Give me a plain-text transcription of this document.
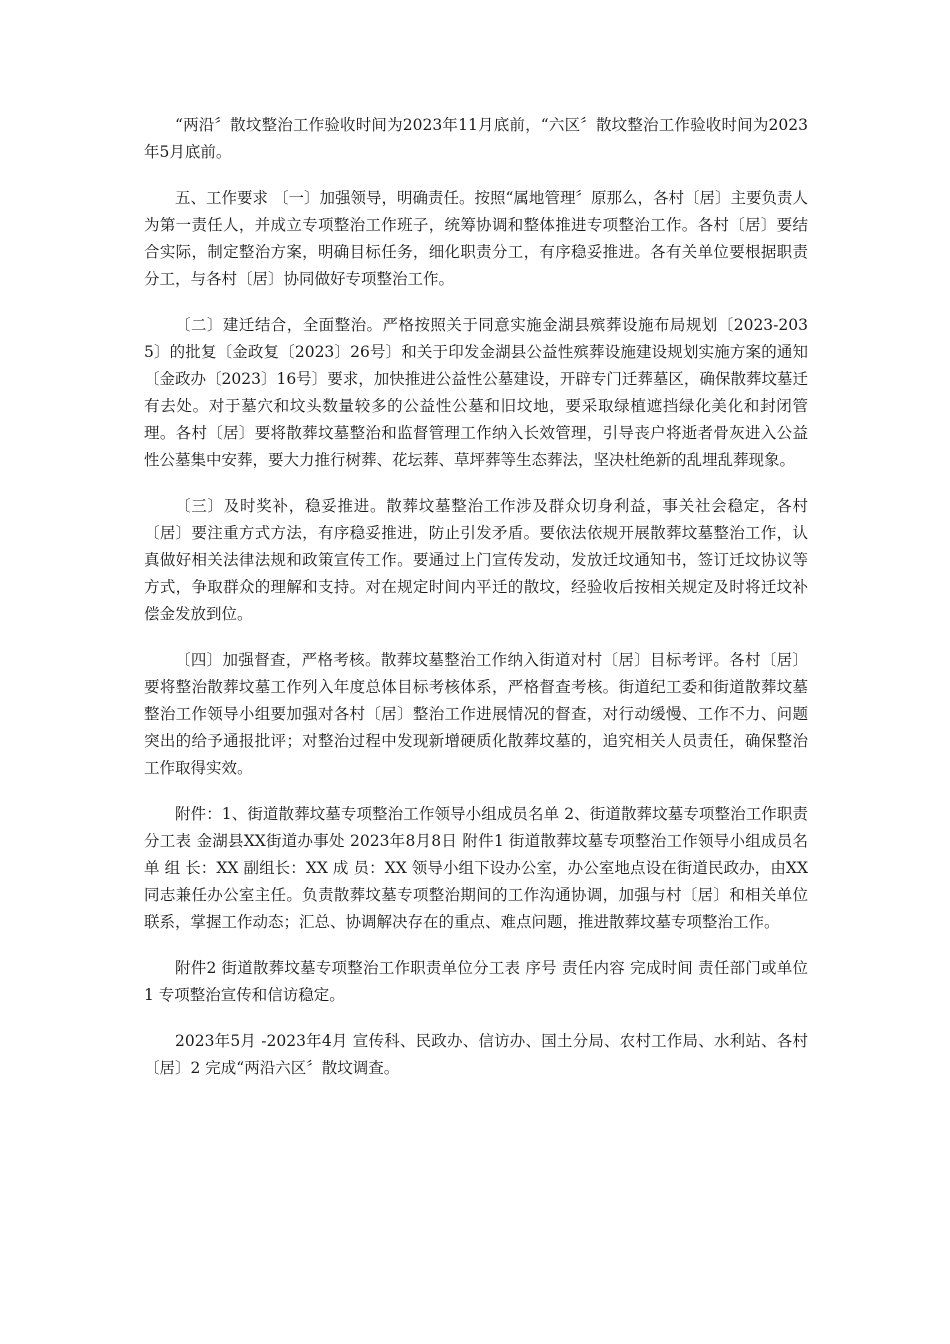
“两沿〞散坟整治工作验收时间为2023年11月底前，“六区〞散坟整治工作验收时间为2023年5月底前。

五、工作要求 〔一〕加强领导，明确责任。按照“属地管理〞原那么，各村〔居〕主要负责人为第一责任人，并成立专项整治工作班子，统筹协调和整体推进专项整治工作。各村〔居〕要结合实际，制定整治方案，明确目标任务，细化职责分工，有序稳妥推进。各有关单位要根据职责分工，与各村〔居〕协同做好专项整治工作。

〔二〕建迁结合，全面整治。严格按照关于同意实施金湖县殡葬设施布局规划〔2023-2035〕的批复〔金政复〔2023〕26号〕和关于印发金湖县公益性殡葬设施建设规划实施方案的通知〔金政办〔2023〕16号〕要求，加快推进公益性公墓建设，开辟专门迁葬墓区，确保散葬坟墓迁有去处。对于墓穴和坟头数量较多的公益性公墓和旧坟地，要采取绿植遮挡绿化美化和封闭管理。各村〔居〕要将散葬坟墓整治和监督管理工作纳入长效管理，引导丧户将逝者骨灰进入公益性公墓集中安葬，要大力推行树葬、花坛葬、草坪葬等生态葬法，坚决杜绝新的乱埋乱葬现象。

〔三〕及时奖补，稳妥推进。散葬坟墓整治工作涉及群众切身利益，事关社会稳定，各村〔居〕要注重方式方法，有序稳妥推进，防止引发矛盾。要依法依规开展散葬坟墓整治工作，认真做好相关法律法规和政策宣传工作。要通过上门宣传发动，发放迁坟通知书，签订迁坟协议等方式，争取群众的理解和支持。对在规定时间内平迁的散坟，经验收后按相关规定及时将迁坟补偿金发放到位。

〔四〕加强督查，严格考核。散葬坟墓整治工作纳入街道对村〔居〕目标考评。各村〔居〕要将整治散葬坟墓工作列入年度总体目标考核体系，严格督查考核。街道纪工委和街道散葬坟墓整治工作领导小组要加强对各村〔居〕整治工作进展情况的督查，对行动缓慢、工作不力、问题突出的给予通报批评；对整治过程中发现新增硬质化散葬坟墓的，追究相关人员责任，确保整治工作取得实效。

附件：1、街道散葬坟墓专项整治工作领导小组成员名单 2、街道散葬坟墓专项整治工作职责分工表 金湖县XX街道办事处 2023年8月8日 附件1 街道散葬坟墓专项整治工作领导小组成员名单 组 长：XX 副组长：XX 成 员：XX 领导小组下设办公室，办公室地点设在街道民政办，由XX同志兼任办公室主任。负责散葬坟墓专项整治期间的工作沟通协调，加强与村〔居〕和相关单位联系，掌握工作动态；汇总、协调解决存在的重点、难点问题，推进散葬坟墓专项整治工作。

附件2 街道散葬坟墓专项整治工作职责单位分工表 序号 责任内容 完成时间 责任部门或单位 1 专项整治宣传和信访稳定。

2023年5月 -2023年4月 宣传科、民政办、信访办、国土分局、农村工作局、水利站、各村〔居〕2 完成“两沿六区〞散坟调查。
